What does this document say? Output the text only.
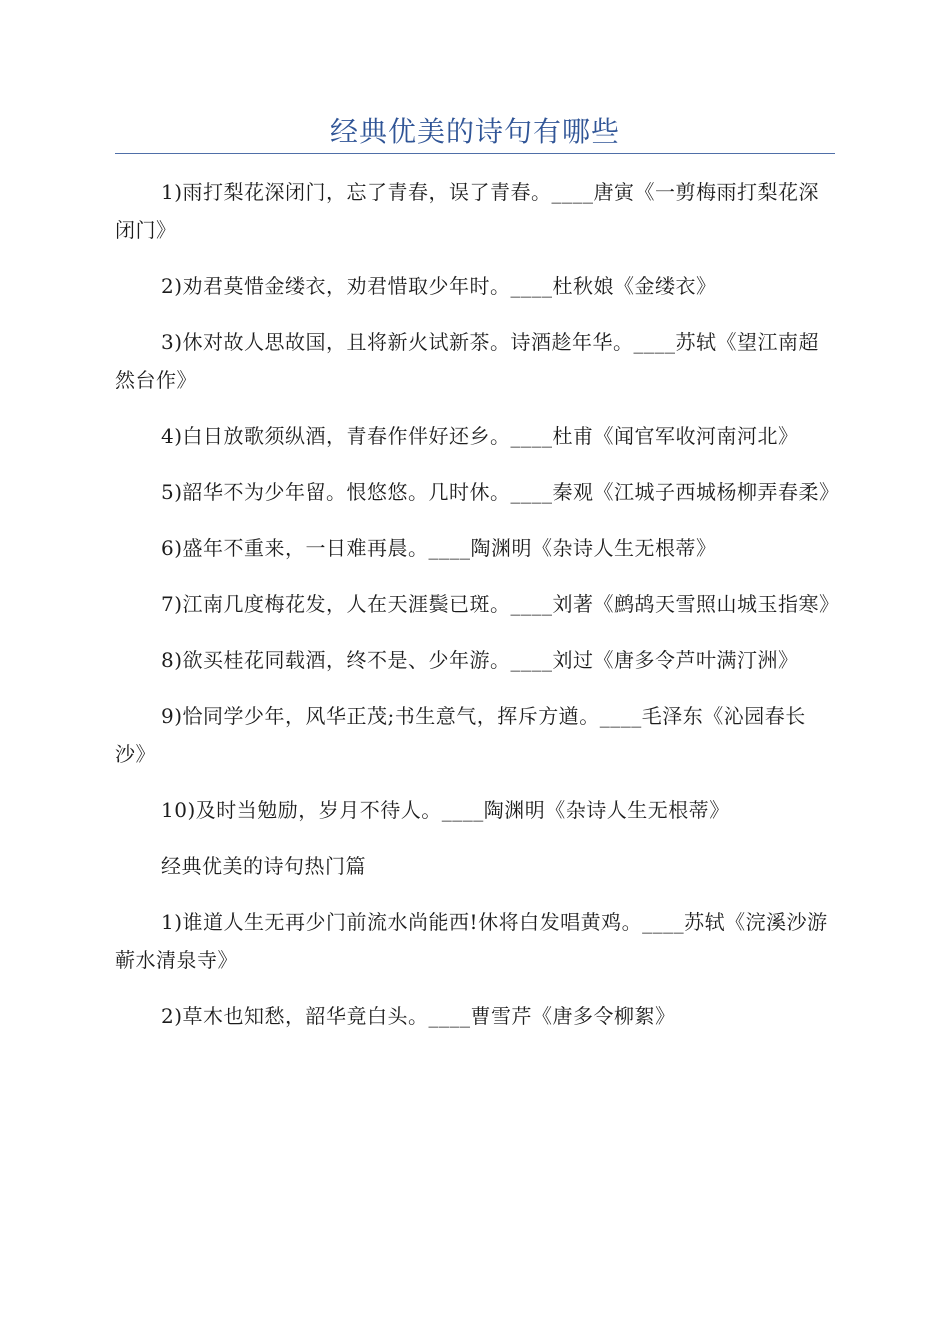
经典优美的诗句有哪些

1)雨打梨花深闭门，忘了青春，误了青春。____唐寅《一剪梅雨打梨花深闭门》

2)劝君莫惜金缕衣，劝君惜取少年时。____杜秋娘《金缕衣》

3)休对故人思故国，且将新火试新茶。诗酒趁年华。____苏轼《望江南超然台作》

4)白日放歌须纵酒，青春作伴好还乡。____杜甫《闻官军收河南河北》

5)韶华不为少年留。恨悠悠。几时休。____秦观《江城子西城杨柳弄春柔》

6)盛年不重来，一日难再晨。____陶渊明《杂诗人生无根蒂》

7)江南几度梅花发，人在天涯鬓已斑。____刘著《鹧鸪天雪照山城玉指寒》

8)欲买桂花同载酒，终不是、少年游。____刘过《唐多令芦叶满汀洲》

9)恰同学少年，风华正茂;书生意气，挥斥方遒。____毛泽东《沁园春长沙》

10)及时当勉励，岁月不待人。____陶渊明《杂诗人生无根蒂》

经典优美的诗句热门篇

1)谁道人生无再少门前流水尚能西!休将白发唱黄鸡。____苏轼《浣溪沙游蕲水清泉寺》

2)草木也知愁，韶华竟白头。____曹雪芹《唐多令柳絮》
